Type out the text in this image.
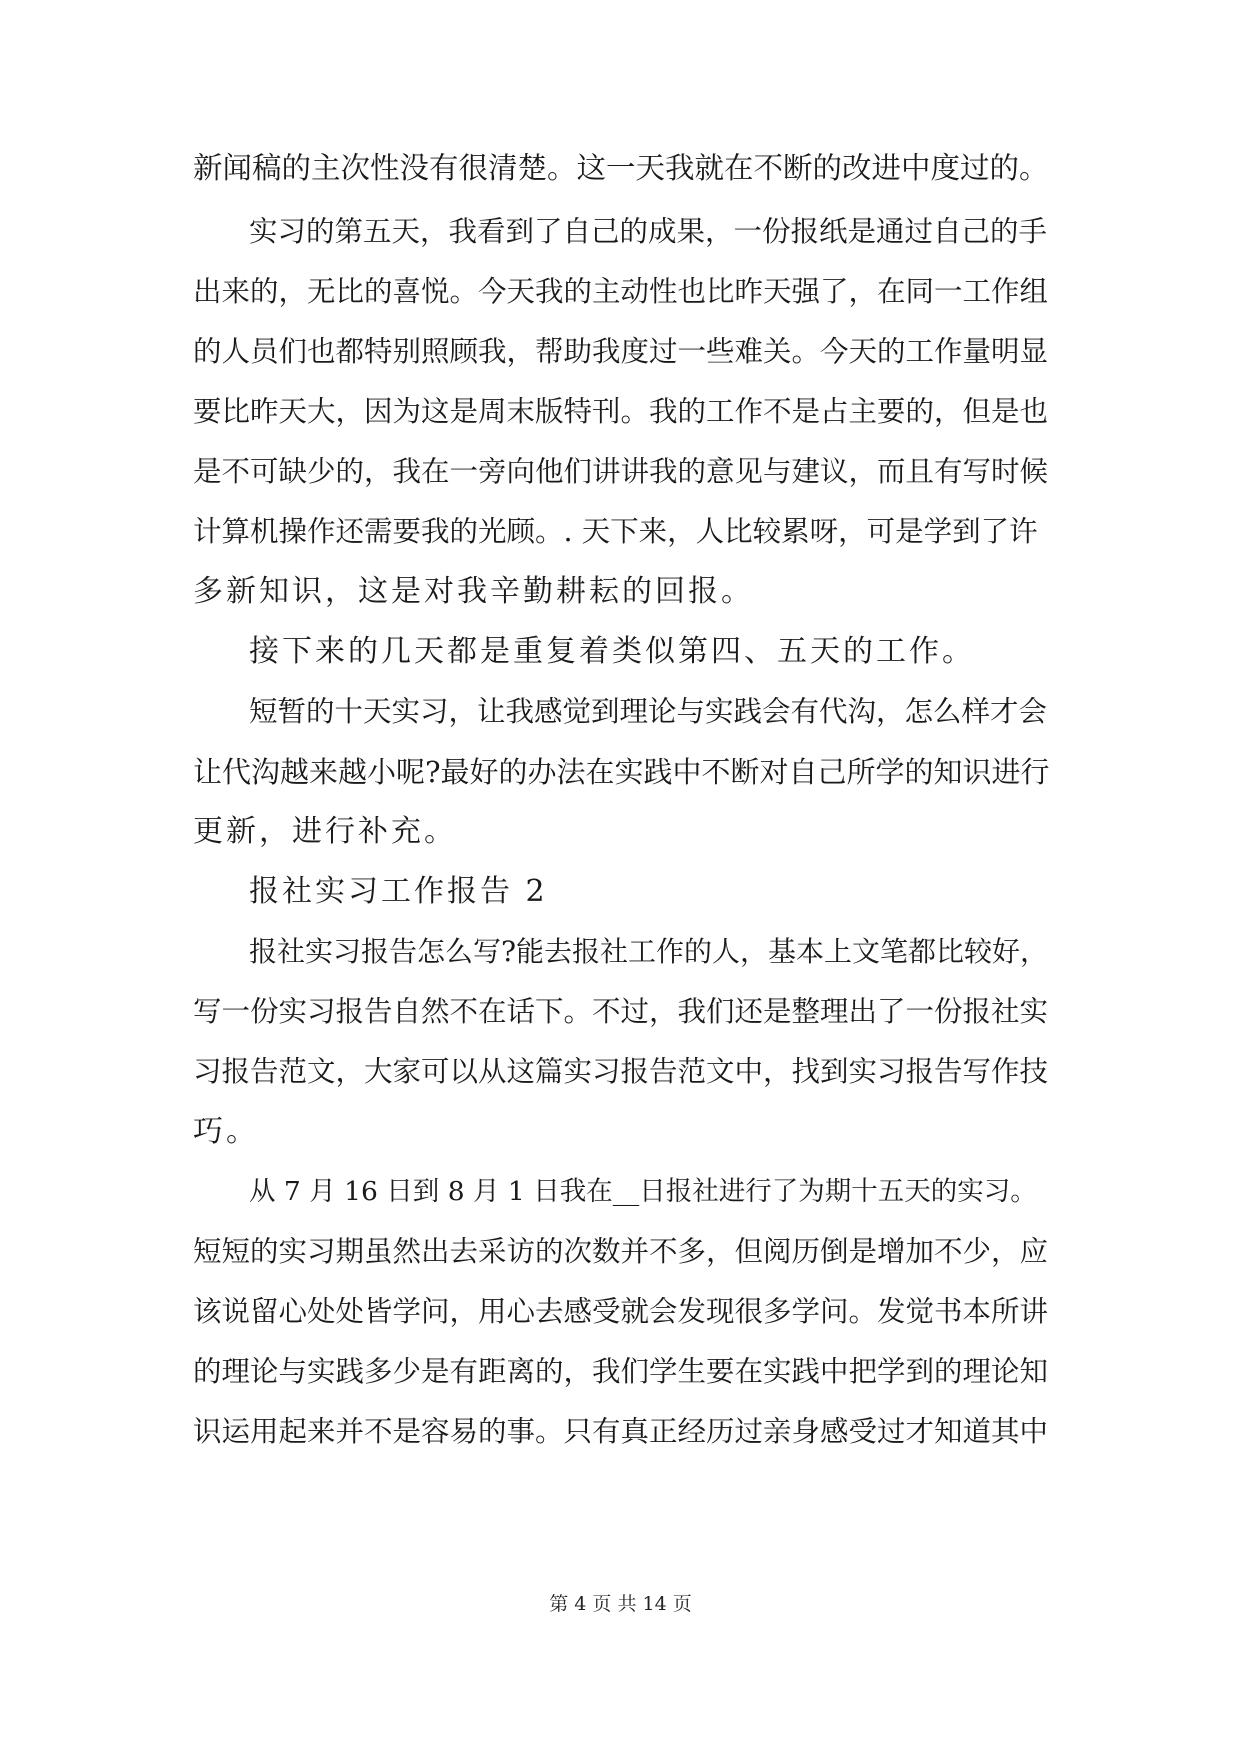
新闻稿的主次性没有很清楚。这一天我就在不断的改进中度过的。
实习的第五天，我看到了自己的成果，一份报纸是通过自己的手
出来的，无比的喜悦。今天我的主动性也比昨天强了，在同一工作组
的人员们也都特别照顾我，帮助我度过一些难关。今天的工作量明显
要比昨天大，因为这是周末版特刊。我的工作不是占主要的，但是也
是不可缺少的，我在一旁向他们讲讲我的意见与建议，而且有写时候
计算机操作还需要我的光顾。. 天下来，人比较累呀，可是学到了许
多新知识，这是对我辛勤耕耘的回报。
接下来的几天都是重复着类似第四、五天的工作。
短暂的十天实习，让我感觉到理论与实践会有代沟，怎么样才会
让代沟越来越小呢?最好的办法在实践中不断对自己所学的知识进行
更新，进行补充。
报社实习工作报告 2
报社实习报告怎么写?能去报社工作的人，基本上文笔都比较好，
写一份实习报告自然不在话下。不过，我们还是整理出了一份报社实
习报告范文，大家可以从这篇实习报告范文中，找到实习报告写作技
巧。
从 7 月 16 日到 8 月 1 日我在__日报社进行了为期十五天的实习。
短短的实习期虽然出去采访的次数并不多，但阅历倒是增加不少，应
该说留心处处皆学问，用心去感受就会发现很多学问。发觉书本所讲
的理论与实践多少是有距离的，我们学生要在实践中把学到的理论知
识运用起来并不是容易的事。只有真正经历过亲身感受过才知道其中
第 4 页 共 14 页
